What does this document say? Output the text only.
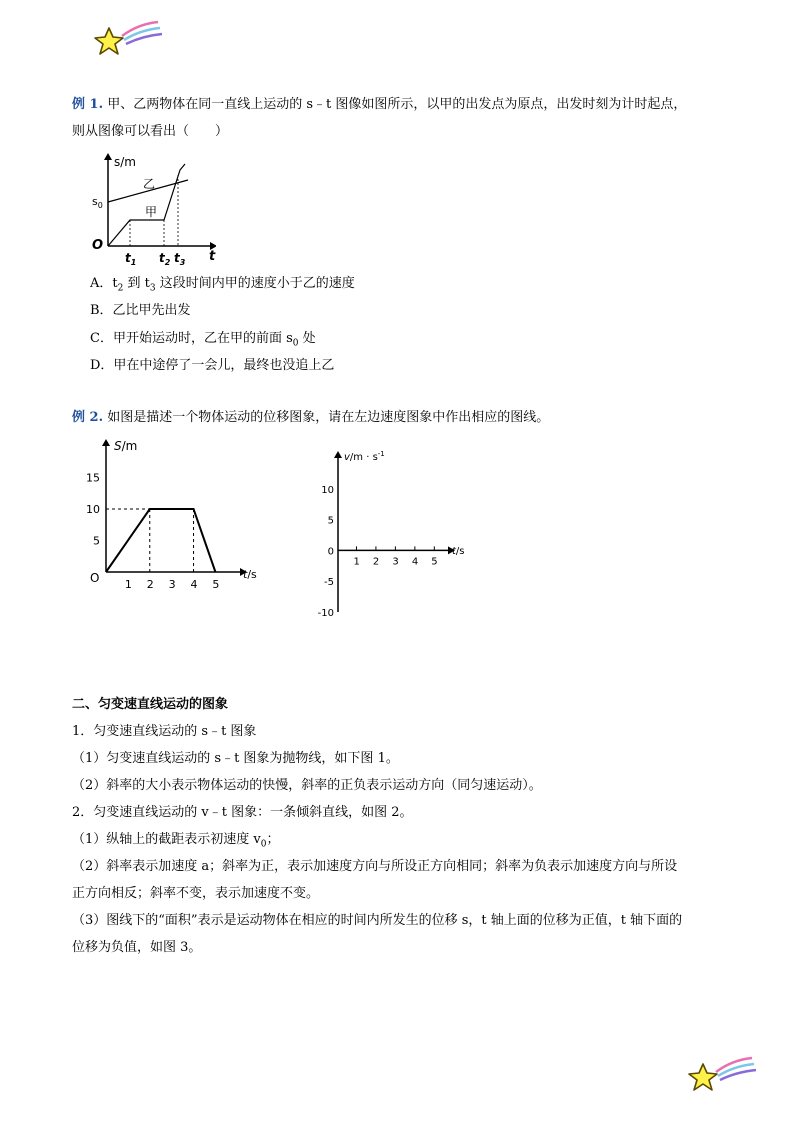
例 1. 甲、乙两物体在同一直线上运动的 s﹣t 图像如图所示，以甲的出发点为原点，出发时刻为计时起点，
则从图像可以看出（　　）
s/m
t
O
$s_0$
乙
甲
$t_1$ $t_2$ $t_3$
A．$t_2$ 到 $t_3$ 这段时间内甲的速度小于乙的速度
B．乙比甲先出发
C．甲开始运动时，乙在甲的前面 $s_0$ 处
D．甲在中途停了一会儿，最终也没追上乙
例 2. 如图是描述一个物体运动的位移图象，请在左边速度图象中作出相应的图线。
S/m
t/s
O 1 2 3 4 5
5
10
15
$v/m \cdot s^{-1}$
t/s
1 2 3 4 5
10
5
0
-5
-10
二、匀变速直线运动的图象
1．匀变速直线运动的 s﹣t 图象
（1）匀变速直线运动的 s﹣t 图象为抛物线，如下图 1。
（2）斜率的大小表示物体运动的快慢，斜率的正负表示运动方向（同匀速运动）。
2．匀变速直线运动的 v﹣t 图象：一条倾斜直线，如图 2。
（1）纵轴上的截距表示初速度 $v_0$；
（2）斜率表示加速度 a；斜率为正，表示加速度方向与所设正方向相同；斜率为负表示加速度方向与所设
正方向相反；斜率不变，表示加速度不变。
（3）图线下的“面积”表示是运动物体在相应的时间内所发生的位移 s，t 轴上面的位移为正值，t 轴下面的
位移为负值，如图 3。
